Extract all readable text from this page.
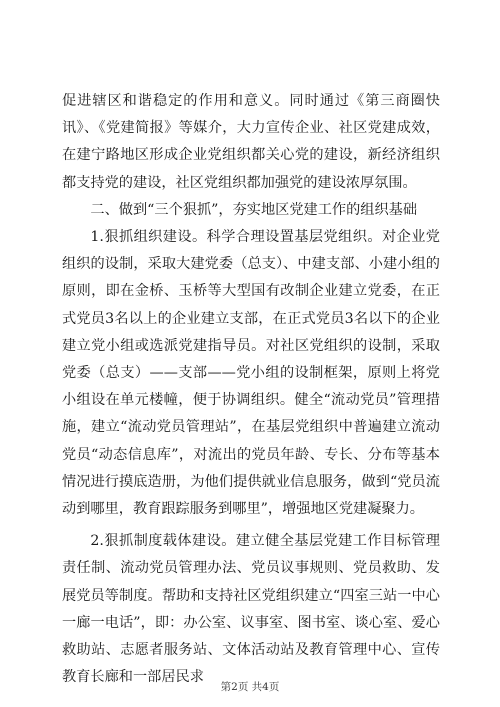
促进辖区和谐稳定的作用和意义。同时通过《第三商圈快讯》、《党建简报》等媒介，大力宣传企业、社区党建成效，在建宁路地区形成企业党组织都关心党的建设，新经济组织都支持党的建设，社区党组织都加强党的建设浓厚氛围。

二、做到“三个狠抓”，夯实地区党建工作的组织基础

1.狠抓组织建设。科学合理设置基层党组织。对企业党组织的设制，采取大建党委（总支）、中建支部、小建小组的原则，即在金桥、玉桥等大型国有改制企业建立党委，在正式党员3名以上的企业建立支部，在正式党员3名以下的企业建立党小组或选派党建指导员。对社区党组织的设制，采取党委（总支）——支部——党小组的设制框架，原则上将党小组设在单元楼幢，便于协调组织。健全“流动党员”管理措施，建立“流动党员管理站”，在基层党组织中普遍建立流动党员“动态信息库”，对流出的党员年龄、专长、分布等基本情况进行摸底造册，为他们提供就业信息服务，做到“党员流动到哪里，教育跟踪服务到哪里”，增强地区党建凝聚力。

2.狠抓制度载体建设。建立健全基层党建工作目标管理责任制、流动党员管理办法、党员议事规则、党员救助、发展党员等制度。帮助和支持社区党组织建立“四室三站一中心一廊一电话”，即：办公室、议事室、图书室、谈心室、爱心救助站、志愿者服务站、文体活动站及教育管理中心、宣传教育长廊和一部居民求

第2页 共4页
